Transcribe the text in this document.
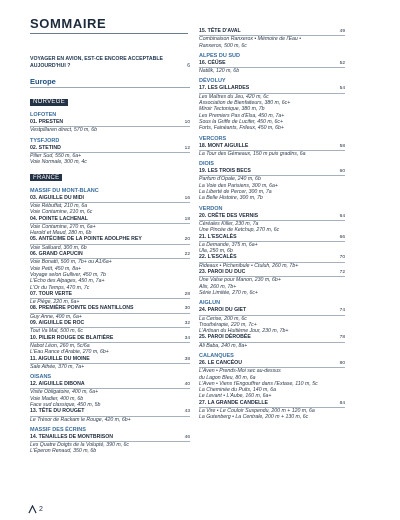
SOMMAIRE
VOYAGER EN AVION, EST-CE ENCORE ACCEPTABLE AUJOURD'HUI ?	6
Europe
NORVÈGE
LOFOTEN
01. PRESTEN	10
Vestpillaren direct, 570 m, 6b
TYSFJORD
02. STETIND	12
Pilier Sud, 550 m, 6a+
Voie Normale, 300 m, 4c
FRANCE
MASSIF DU MONT-BLANC
03. AIGUILLE DU MIDI	16
Voie Rébuffat, 210 m, 6a
Voie Contamine, 210 m, 6c
04. POINTE LACHENAL	18
Voie Contamine, 270 m, 6a+
Harold et Maud, 280 m, 6b
05. ANTÉCIME DE LA POINTE ADOLPHE REY	20
Voie Salluard, 300 m, 6b
06. GRAND CAPUCIN	22
Voie Bonatti, 500 m, 7b+ ou A1/6a+
Voie Petit, 450 m, 8a+
Voyage selon Gulliver, 450 m, 7b
L'Écho des Alpages, 450 m, 7a+
L'Or du Temps, 470 m, 7c
07. TOUR VERTE	28
Le Piège, 220 m, 6a+
08. PREMIÈRE POINTE DES NANTILLONS	30
Guy Anne, 400 m, 6a+
09. AIGUILLE DE ROC	32
Tout Va Mal, 500 m, 6c
10. PILIER ROUGE DE BLAITIÈRE	34
Nabot Léon, 260 m, 5c/6a
L'Eau Rance d'Arabie, 270 m, 6b+
11. AIGUILLE DU MOINE	38
Sale Athée, 370 m, 7a+
OISANS
12. AIGUILLE DIBONA	40
Visite Obligatoire, 400 m, 6a+
Voie Madier, 400 m, 6b
Face sud classique, 450 m, 5b
13. TÊTE DU ROUGET	43
Le Trésor de Rackam le Rouge, 420 m, 6b+
MASSIF DES ÉCRINS
14. TENAILLES DE MONTBRISON	46
Les Quatre Doigts de la Volupté, 390 m, 6c
L'Éperon Renaud, 350 m, 6b
15. TÊTE D'AVAL	49
Combinaison Ranxerox • Mémoire de l'Eau •
Ranxerox, 500 m, 6c
ALPES DU SUD
16. CÉÜSE	52
Natilik, 120 m, 6b
DÉVOLUY
17. LES GILLARDES	54
Les Maîtres du Jeu, 420 m, 6c
Association de Bienfaiteurs, 380 m, 6c+
Miroir Tectonique, 380 m, 7b
Les Premiers Pas d'Elsa, 450 m, 7a+
Sous la Griffe de Lucifer, 450 m, 6c+
Forts, Fainéants, Frileux, 450 m, 6b+
VERCORS
18. MONT AIGUILLE	58
La Tour des Gémeaux, 150 m puis gradins, 6a
DIOIS
19. LES TROIS BECS	60
Parfum d'Opale, 240 m, 6b
La Voie des Parisiens, 300 m, 6a+
La Liberté de Percer, 300 m, 7a
La Belle Histoire, 300 m, 7b
VERDON
20. CRÊTE DES VERNIS	64
Céréales Killer, 230 m, 7a
Une Pincée de Ketchup, 270 m, 6c
21. L'ESCALÈS	66
La Demande, 375 m, 6a+
Ula, 250 m, 6b
22. L'ESCALÈS	70
Rideaux • Pichenibule • Ctuluh, 260 m, 7b+
23. PAROI DU DUC	72
Une Valse pour Manon, 230 m, 6b+
Alix, 260 m, 7b+
Série Limitée, 270 m, 6c+
AIGLUN
24. PAROI DU GIET	74
La Cerise, 200 m, 6c
Trouthérapie, 220 m, 7c+
L'Artisan du Huitième Jour, 230 m, 7b+
25. PAROI DÉROBÉE	78
Ali Baba, 240 m, 8a+
CALANQUES
26. LE CANCÉOU	80
L'Aven • Prends-Moi sec au-dessus
du Lagon Bleu, 80 m, 6a
L'Aven • Viens t'Engouffrer dans l'Extase, 110 m, 5c
La Cheminée du Puits, 140 m, 6a
Le Levant • L'Aube, 160 m, 6a+
27. LA GRANDE CANDELLE	84
La Vire • Le Couloir Suspendu, 200 m + 120 m, 6a
La Gutenberg • La Centrale, 200 m + 130 m, 6c
2
